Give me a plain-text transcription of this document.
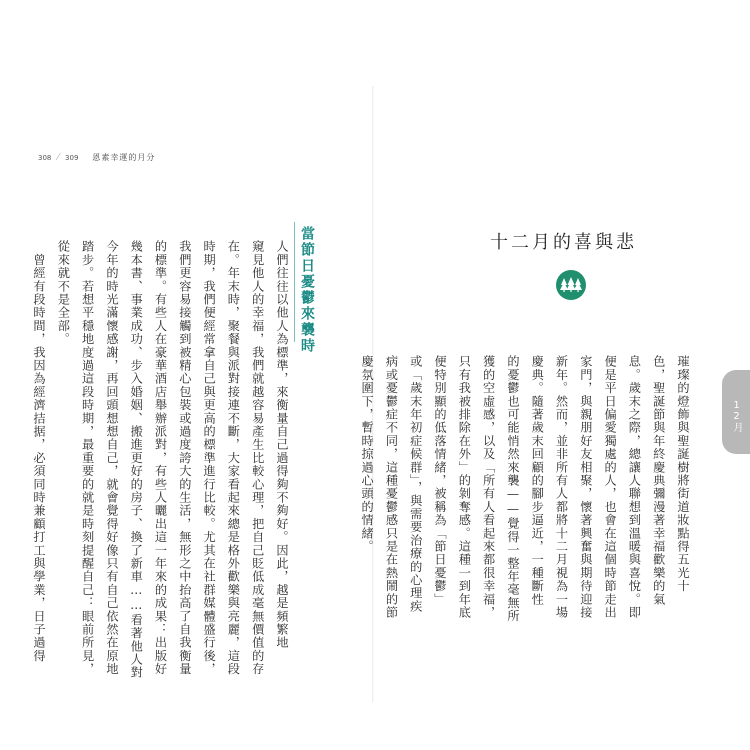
308 ⁄ 309 恩素幸運的月分
當節日憂鬱來襲時
人們往往以他人為標準，來衡量自己過得夠不夠好。因此，越是頻繁地
窺見他人的幸福，我們就越容易產生比較心理，把自己貶低成毫無價值的存
在。年末時，聚餐與派對接連不斷，大家看起來總是格外歡樂與亮麗，這段
時期，我們便經常拿自己與更高的標準進行比較。尤其在社群媒體盛行後，
我們更容易接觸到被精心包裝或過度誇大的生活，無形之中抬高了自我衡量
的標準。有些人在豪華酒店舉辦派對，有些人曬出這一年來的成果：出版好
幾本書、事業成功、步入婚姻、搬進更好的房子、換了新車……看著他人對
今年的時光滿懷感謝，再回頭想想自己，就會覺得好像只有自己依然在原地
踏步。若想平穩地度過這段時期，最重要的就是時刻提醒自己：眼前所見，
從來就不是全部。
　曾經有段時間，我因為經濟拮据，必須同時兼顧打工與學業，日子過得	十二月的喜與悲
璀璨的燈飾與聖誕樹將街道妝點得五光十
色，聖誕節與年終慶典彌漫著幸福歡樂的氣
息。歲末之際，總讓人聯想到溫暖與喜悅。即
便是平日偏愛獨處的人，也會在這個時節走出
家門，與親朋好友相聚，懷著興奮與期待迎接
新年。然而，並非所有人都將十二月視為一場
慶典。隨著歲末回顧的腳步逼近，一種斷性
的憂鬱也可能悄然來襲——覺得一整年毫無所
獲的空虛感，以及「所有人看起來都很幸福，
只有我被排除在外」的剝奪感。這種一到年底
便特別顯的低落情緒，被稱為「節日憂鬱」
或「歲末年初症候群」，與需要治療的心理疾
病或憂鬱症不同，這種憂鬱感只是在熱鬧的節
慶氛圍下，暫時掠過心頭的情緒。	12月
